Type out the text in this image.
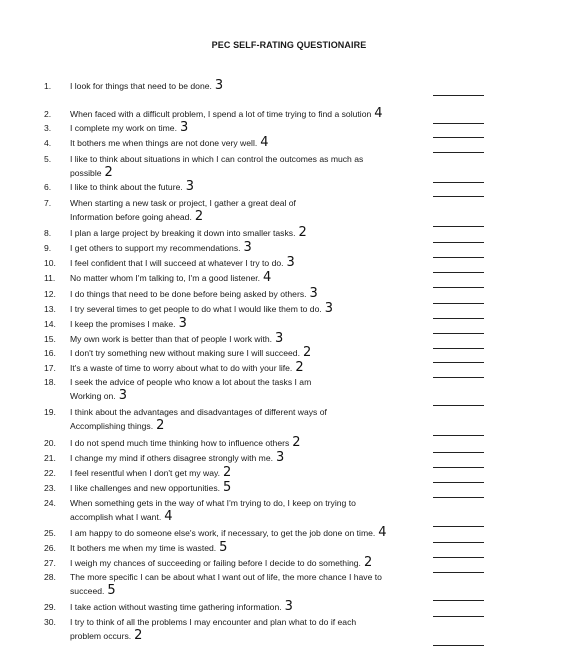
PEC SELF-RATING QUESTIONAIRE
1. I look for things that need to be done. 3
2. When faced with a difficult problem, I spend a lot of time trying to find a solution 4
3. I complete my work on time. 3
4. It bothers me when things are not done very well. 4
5. I like to think about situations in which I can control the outcomes as much as
possible 2
6. I like to think about the future. 3
7. When starting a new task or project, I gather a great deal of
Information before going ahead. 2
8. I plan a large project by breaking it down into smaller tasks. 2
9. I get others to support my recommendations. 3
10. I feel confident that I will succeed at whatever I try to do. 3
11. No matter whom I'm talking to, I'm a good listener. 4
12. I do things that need to be done before being asked by others. 3
13. I try several times to get people to do what I would like them to do. 3
14. I keep the promises I make. 3
15. My own work is better than that of people I work with. 3
16. I don't try something new without making sure I will succeed. 2
17. It's a waste of time to worry about what to do with your life. 2
18. I seek the advice of people who know a lot about the tasks I am
Working on. 3
19. I think about the advantages and disadvantages of different ways of
Accomplishing things. 2
20. I do not spend much time thinking how to influence others 2
21. I change my mind if others disagree strongly with me. 3
22. I feel resentful when I don't get my way. 2
23. I like challenges and new opportunities. 5
24. When something gets in the way of what I'm trying to do, I keep on trying to
accomplish what I want. 4
25. I am happy to do someone else's work, if necessary, to get the job done on time. 4
26. It bothers me when my time is wasted. 5
27. I weigh my chances of succeeding or failing before I decide to do something. 2
28. The more specific I can be about what I want out of life, the more chance I have to
succeed. 5
29. I take action without wasting time gathering information. 3
30. I try to think of all the problems I may encounter and plan what to do if each
problem occurs. 2
